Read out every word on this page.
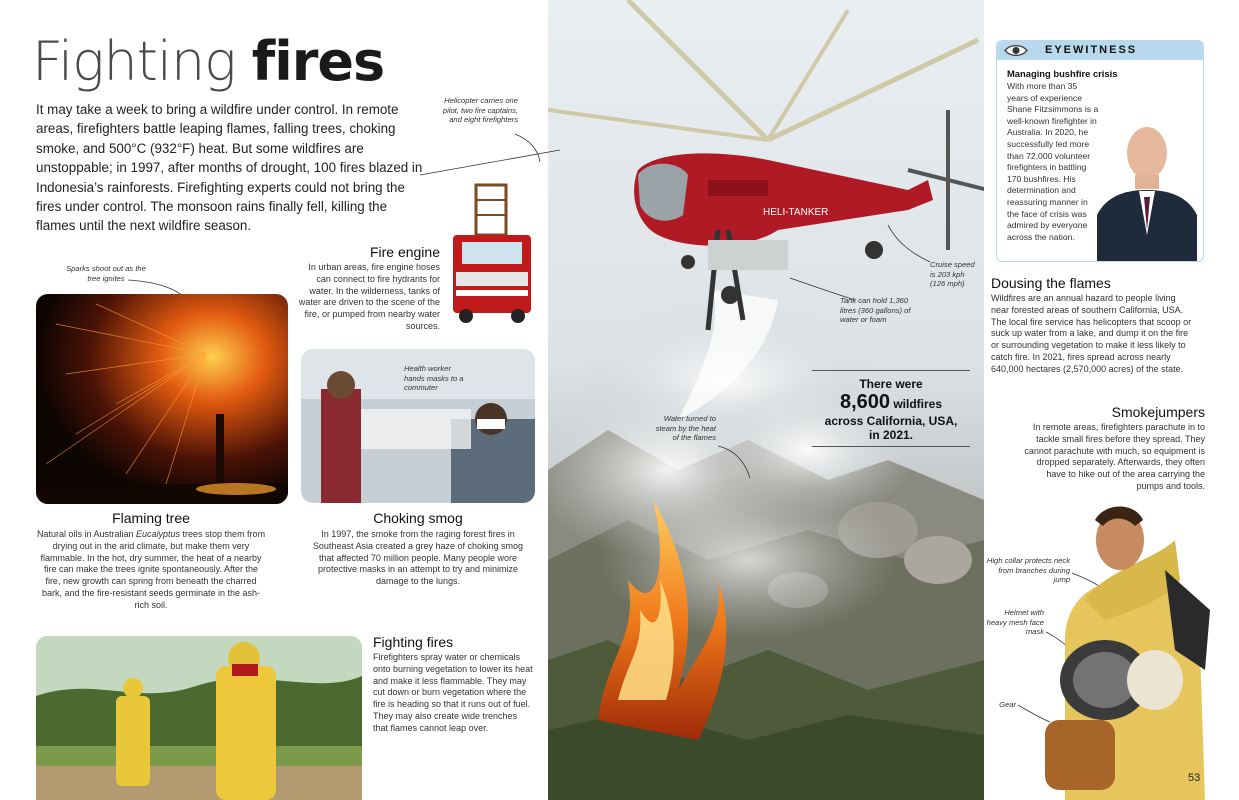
HELI-TANKER
Fighting fires
It may take a week to bring a wildfire under control. In remote areas, firefighters battle leaping flames, falling trees, choking smoke, and 500°C (932°F) heat. But some wildfires are unstoppable; in 1997, after months of drought, 100 fires blazed in Indonesia’s rainforests. Firefighting experts could not bring the fires under control. The monsoon rains finally fell, killing the flames until the next wildfire season.
Helicopter carries one pilot, two fire captains, and eight firefighters
Fire engine
In urban areas, fire engine hoses can connect to fire hydrants for water. In the wilderness, tanks of water are driven to the scene of the fire, or pumped from nearby water sources.
Sparks shoot out as the tree ignites
Health worker hands masks to a commuter
Flaming tree
Natural oils in Australian Eucalyptus trees stop them from drying out in the arid climate, but make them very flammable. In the hot, dry summer, the heat of a nearby fire can make the trees ignite spontaneously. After the fire, new growth can spring from beneath the charred bark, and the fire-resistant seeds germinate in the ash-rich soil.
Choking smog
In 1997, the smoke from the raging forest fires in Southeast Asia created a grey haze of choking smog that affected 70 million people. Many people wore protective masks in an attempt to try and minimize damage to the lungs.
Fighting fires
Firefighters spray water or chemicals onto burning vegetation to lower its heat and make it less flammable. They may cut down or burn vegetation where the fire is heading so that it runs out of fuel. They may also create wide trenches that flames cannot leap over.
Tank can hold 1,360 litres (360 gallons) of water or foam
Cruise speed is 203 kph (126 mph)
Water turned to steam by the heat of the flames
There were
8,600 wildfires
across California, USA,
in 2021.
EYEWITNESS
Managing bushfire crisis
With more than 35 years of experience Shane Fitzsimmons is a well-known firefighter in Australia. In 2020, he successfully led more than 72,000 volunteer firefighters in battling 170 bushfires. His determination and reassuring manner in the face of crisis was admired by everyone across the nation.
Dousing the flames
Wildfires are an annual hazard to people living near forested areas of southern California, USA. The local fire service has helicopters that scoop or suck up water from a lake, and dump it on the fire or surrounding vegetation to make it less likely to catch fire. In 2021, fires spread across nearly 640,000 hectares (2,570,000 acres) of the state.
Smokejumpers
In remote areas, firefighters parachute in to tackle small fires before they spread. They cannot parachute with much, so equipment is dropped separately. Afterwards, they often have to hike out of the area carrying the pumps and tools.
High collar protects neck from branches during jump
Helmet with heavy mesh face mask
Gear
53
